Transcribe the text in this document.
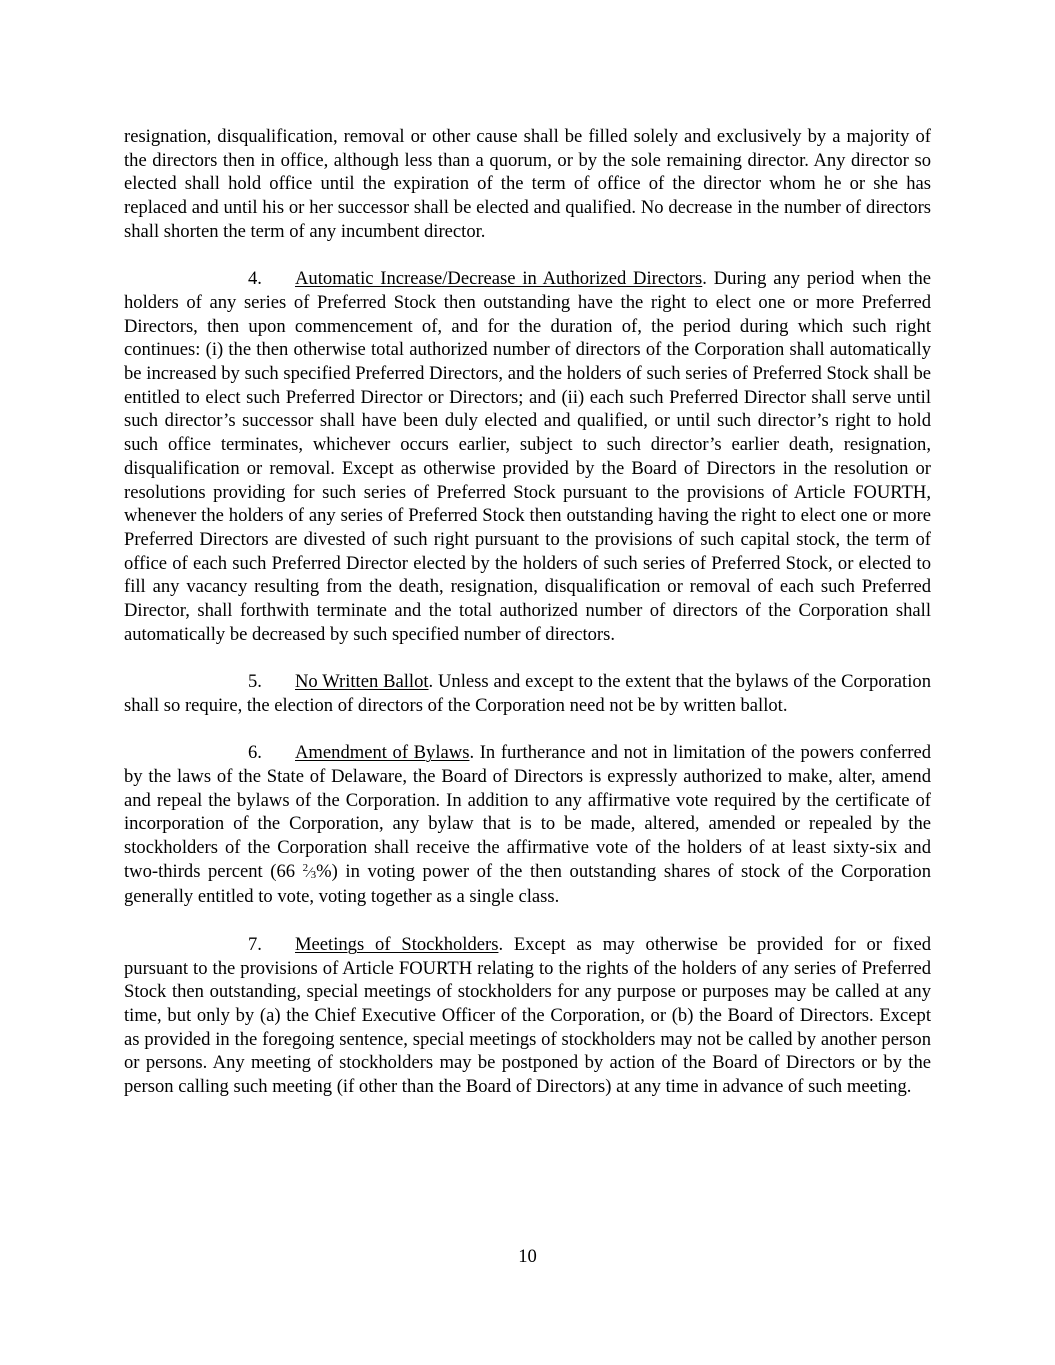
resignation, disqualification, removal or other cause shall be filled solely and exclusively by a majority of the directors then in office, although less than a quorum, or by the sole remaining director. Any director so elected shall hold office until the expiration of the term of office of the director whom he or she has replaced and until his or her successor shall be elected and qualified. No decrease in the number of directors shall shorten the term of any incumbent director.

4. Automatic Increase/Decrease in Authorized Directors. During any period when the holders of any series of Preferred Stock then outstanding have the right to elect one or more Preferred Directors, then upon commencement of, and for the duration of, the period during which such right continues: (i) the then otherwise total authorized number of directors of the Corporation shall automatically be increased by such specified Preferred Directors, and the holders of such series of Preferred Stock shall be entitled to elect such Preferred Director or Directors; and (ii) each such Preferred Director shall serve until such director’s successor shall have been duly elected and qualified, or until such director’s right to hold such office terminates, whichever occurs earlier, subject to such director’s earlier death, resignation, disqualification or removal. Except as otherwise provided by the Board of Directors in the resolution or resolutions providing for such series of Preferred Stock pursuant to the provisions of Article FOURTH, whenever the holders of any series of Preferred Stock then outstanding having the right to elect one or more Preferred Directors are divested of such right pursuant to the provisions of such capital stock, the term of office of each such Preferred Director elected by the holders of such series of Preferred Stock, or elected to fill any vacancy resulting from the death, resignation, disqualification or removal of each such Preferred Director, shall forthwith terminate and the total authorized number of directors of the Corporation shall automatically be decreased by such specified number of directors.

5. No Written Ballot. Unless and except to the extent that the bylaws of the Corporation shall so require, the election of directors of the Corporation need not be by written ballot.

6. Amendment of Bylaws. In furtherance and not in limitation of the powers conferred by the laws of the State of Delaware, the Board of Directors is expressly authorized to make, alter, amend and repeal the bylaws of the Corporation. In addition to any affirmative vote required by the certificate of incorporation of the Corporation, any bylaw that is to be made, altered, amended or repealed by the stockholders of the Corporation shall receive the affirmative vote of the holders of at least sixty-six and two-thirds percent (66 $^2⁄_3\%$) in voting power of the then outstanding shares of stock of the Corporation generally entitled to vote, voting together as a single class.

7. Meetings of Stockholders. Except as may otherwise be provided for or fixed pursuant to the provisions of Article FOURTH relating to the rights of the holders of any series of Preferred Stock then outstanding, special meetings of stockholders for any purpose or purposes may be called at any time, but only by (a) the Chief Executive Officer of the Corporation, or (b) the Board of Directors. Except as provided in the foregoing sentence, special meetings of stockholders may not be called by another person or persons. Any meeting of stockholders may be postponed by action of the Board of Directors or by the person calling such meeting (if other than the Board of Directors) at any time in advance of such meeting.

10
